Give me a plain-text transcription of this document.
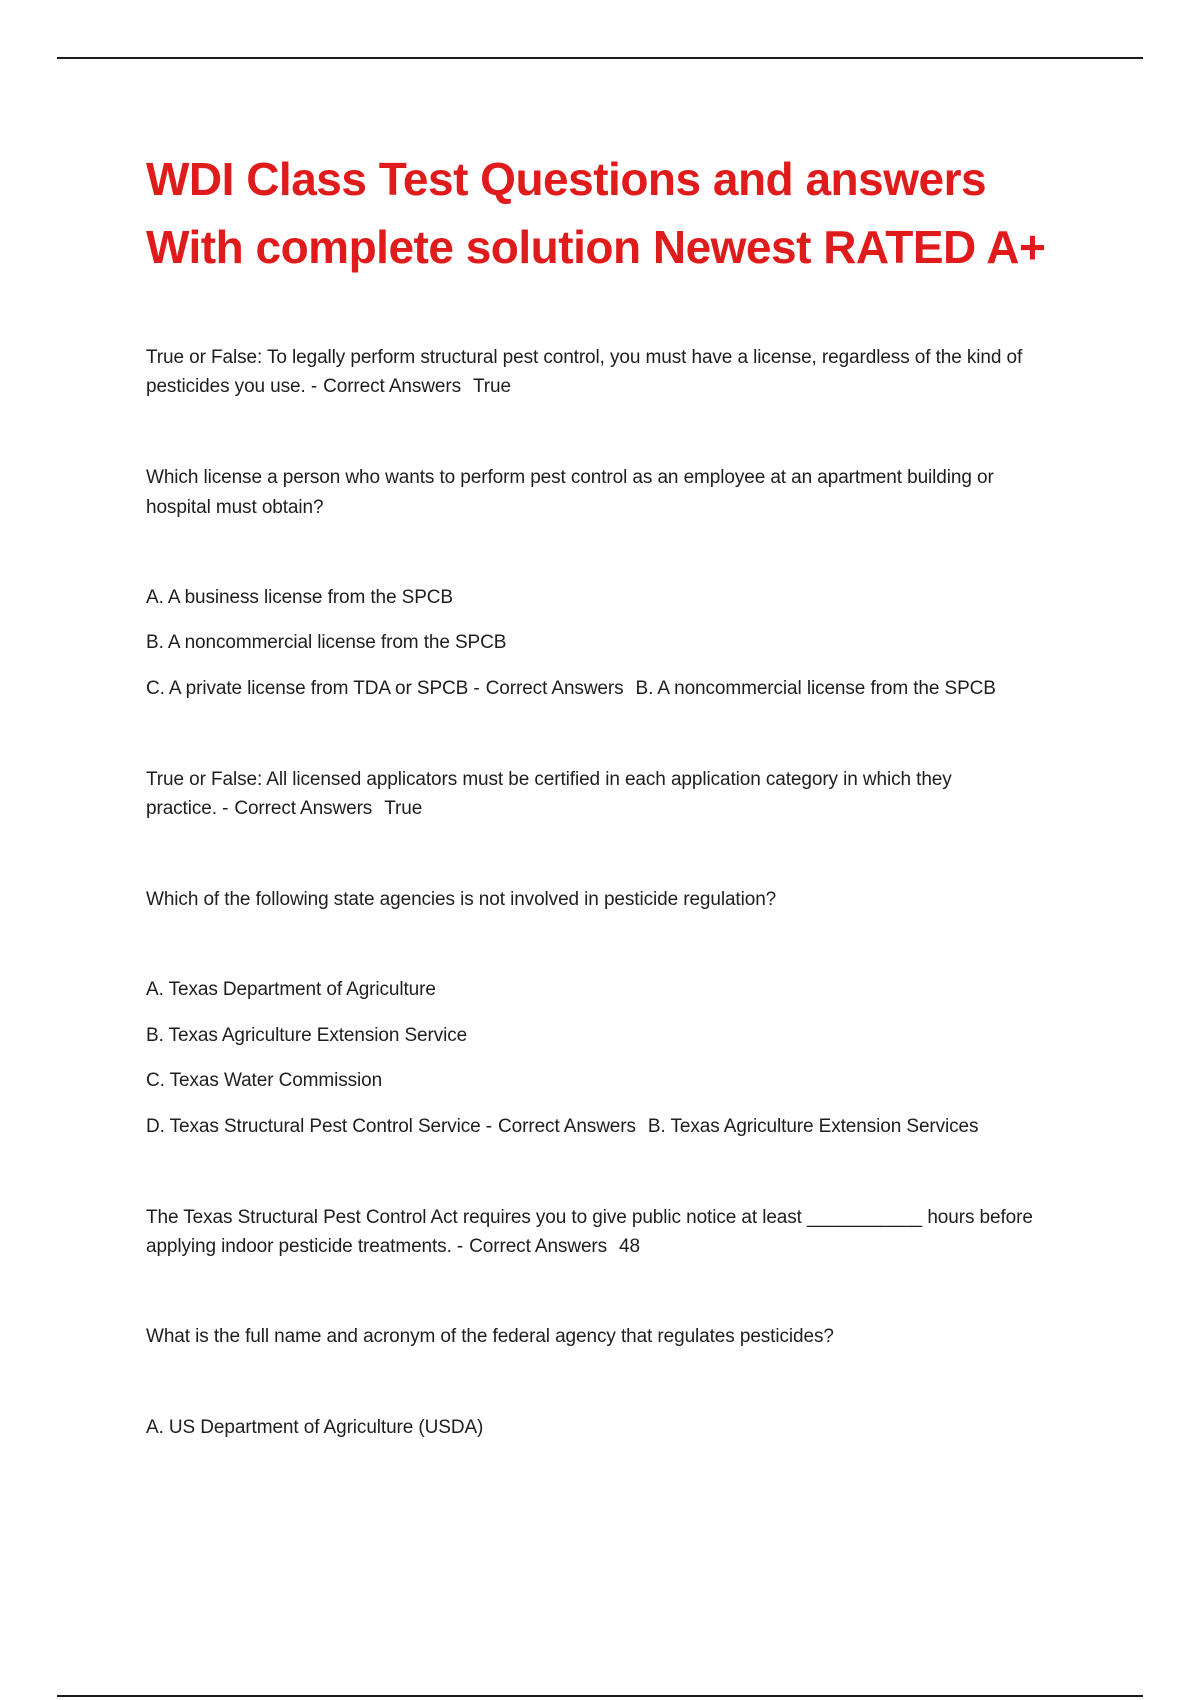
WDI Class Test Questions and answers
With complete solution Newest RATED A+
True or False: To legally perform structural pest control, you must have a license, regardless of the kind of
pesticides you use. - Correct Answers True
Which license a person who wants to perform pest control as an employee at an apartment building or
hospital must obtain?
A. A business license from the SPCB
B. A noncommercial license from the SPCB
C. A private license from TDA or SPCB - Correct Answers B. A noncommercial license from the SPCB
True or False: All licensed applicators must be certified in each application category in which they
practice. - Correct Answers True
Which of the following state agencies is not involved in pesticide regulation?
A. Texas Department of Agriculture
B. Texas Agriculture Extension Service
C. Texas Water Commission
D. Texas Structural Pest Control Service - Correct Answers B. Texas Agriculture Extension Services
The Texas Structural Pest Control Act requires you to give public notice at least ___________ hours before
applying indoor pesticide treatments. - Correct Answers 48
What is the full name and acronym of the federal agency that regulates pesticides?
A. US Department of Agriculture (USDA)
